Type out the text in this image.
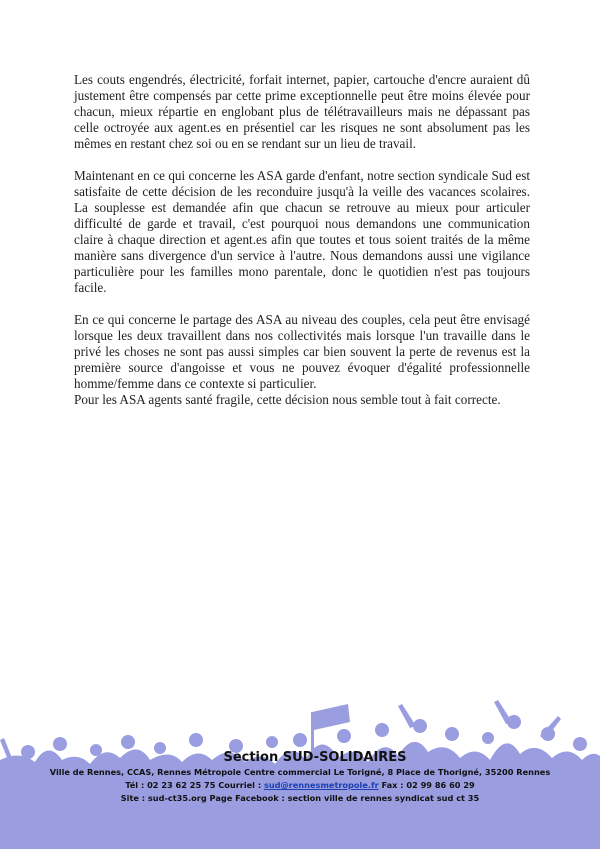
Les couts engendrés, électricité, forfait internet, papier, cartouche d'encre auraient dû justement être compensés par cette prime exceptionnelle peut être moins élevée pour chacun, mieux répartie en englobant plus de télétravailleurs mais ne dépassant pas celle octroyée aux agent.es en présentiel car les risques ne sont absolument pas les mêmes en restant chez soi ou en se rendant sur un lieu de travail.

Maintenant en ce qui concerne les ASA garde d'enfant, notre section syndicale Sud est satisfaite de cette décision de les reconduire jusqu'à la veille des vacances scolaires. La souplesse est demandée afin que chacun se retrouve au mieux pour articuler difficulté de garde et travail, c'est pourquoi nous demandons une communication claire à chaque direction et agent.es afin que toutes et tous soient traités de la même manière sans divergence d'un service à l'autre. Nous demandons aussi une vigilance particulière pour les familles mono parentale, donc le quotidien n'est pas toujours facile.

En ce qui concerne le partage des ASA au niveau des couples, cela peut être envisagé lorsque les deux travaillent dans nos collectivités mais lorsque l'un travaille dans le privé les choses ne sont pas aussi simples car bien souvent la perte de revenus est la première source d'angoisse et vous ne pouvez évoquer d'égalité professionnelle homme/femme dans ce contexte si particulier.

Pour les ASA agents santé fragile, cette décision nous semble tout à fait correcte.

Section SUD-SOLIDAIRES
Ville de Rennes, CCAS, Rennes Métropole Centre commercial Le Torigné, 8 Place de Thorigné, 35200 Rennes
Tél : 02 23 62 25 75 Courriel : sud@rennesmetropole.fr Fax : 02 99 86 60 29
Site : sud-ct35.org Page Facebook : section ville de rennes syndicat sud ct 35
